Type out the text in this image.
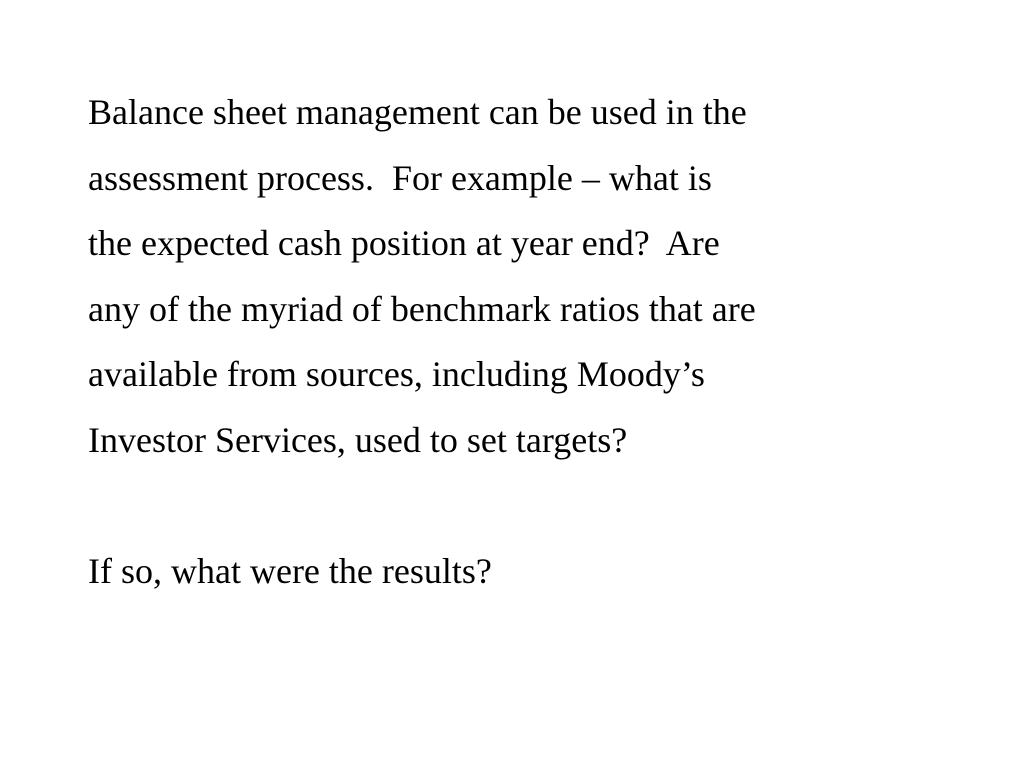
Balance sheet management can be used in the
assessment process.  For example – what is
the expected cash position at year end?  Are
any of the myriad of benchmark ratios that are
available from sources, including Moody’s
Investor Services, used to set targets?
If so, what were the results?
